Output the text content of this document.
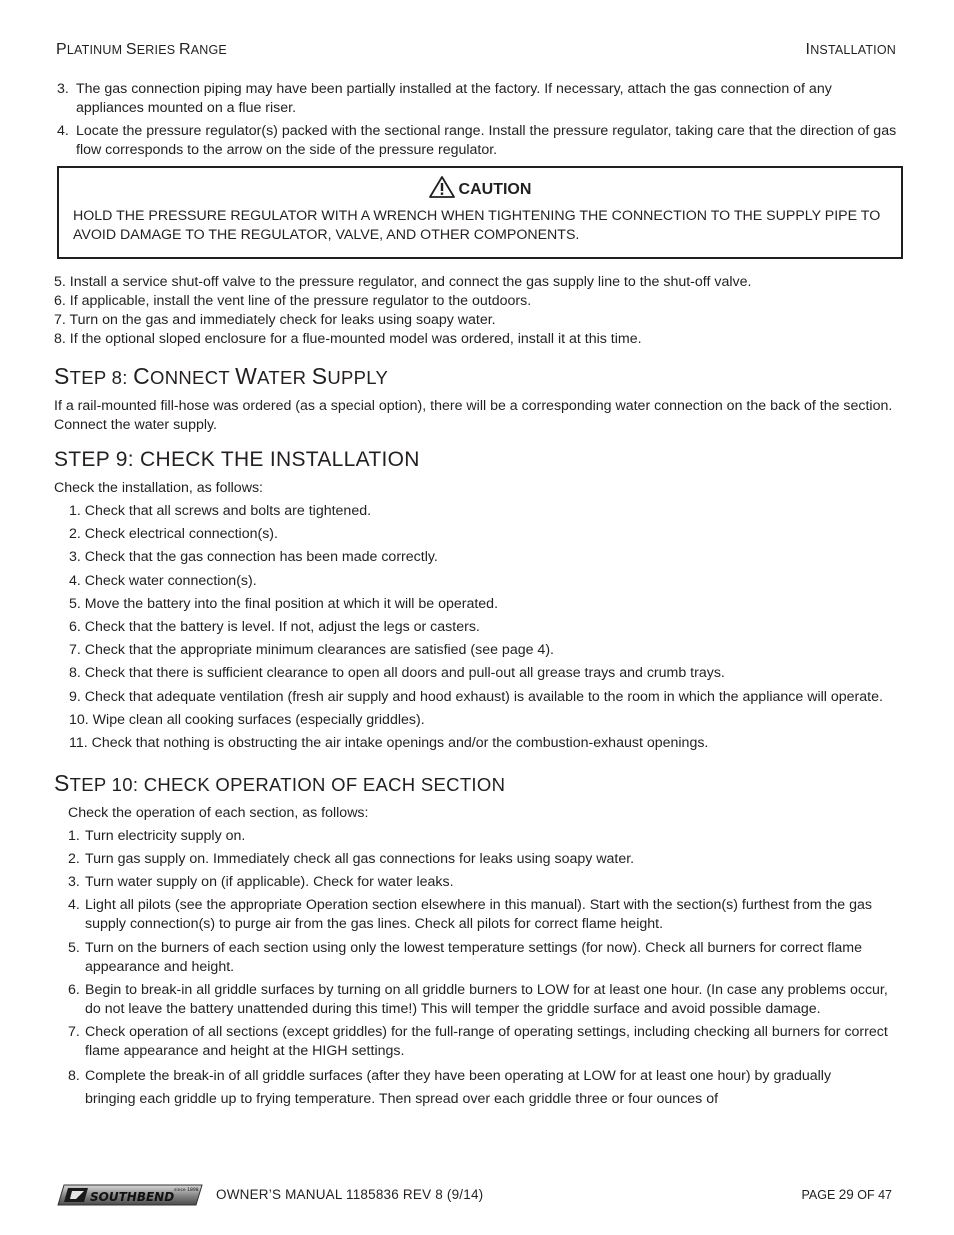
PLATINUM SERIES RANGE	INSTALLATION
3. The gas connection piping may have been partially installed at the factory. If necessary, attach the gas connection of any appliances mounted on a flue riser.
4. Locate the pressure regulator(s) packed with the sectional range. Install the pressure regulator, taking care that the direction of gas flow corresponds to the arrow on the side of the pressure regulator.
CAUTION
HOLD THE PRESSURE REGULATOR WITH A WRENCH WHEN TIGHTENING THE CONNECTION TO THE SUPPLY PIPE TO AVOID DAMAGE TO THE REGULATOR, VALVE, AND OTHER COMPONENTS.

5. Install a service shut-off valve to the pressure regulator, and connect the gas supply line to the shut-off valve.

6. If applicable, install the vent line of the pressure regulator to the outdoors.

7. Turn on the gas and immediately check for leaks using soapy water.

8. If the optional sloped enclosure for a flue-mounted model was ordered, install it at this time.

STEP 8: CONNECT WATER SUPPLY

If a rail-mounted fill-hose was ordered (as a special option), there will be a corresponding water connection on the back of the section. Connect the water supply.

STEP 9: CHECK THE INSTALLATION

Check the installation, as follows:

1. Check that all screws and bolts are tightened.

2. Check electrical connection(s).

3. Check that the gas connection has been made correctly.

4. Check water connection(s).

5. Move the battery into the final position at which it will be operated.

6. Check that the battery is level. If not, adjust the legs or casters.

7. Check that the appropriate minimum clearances are satisfied (see page 4).

8. Check that there is sufficient clearance to open all doors and pull-out all grease trays and crumb trays.

9. Check that adequate ventilation (fresh air supply and hood exhaust) is available to the room in which the appliance will operate.

10. Wipe clean all cooking surfaces (especially griddles).

11. Check that nothing is obstructing the air intake openings and/or the combustion-exhaust openings.

STEP 10: CHECK OPERATION OF EACH SECTION

Check the operation of each section, as follows:

1. Turn electricity supply on.
2. Turn gas supply on. Immediately check all gas connections for leaks using soapy water.
3. Turn water supply on (if applicable). Check for water leaks.
4. Light all pilots (see the appropriate Operation section elsewhere in this manual). Start with the section(s) furthest from the gas supply connection(s) to purge air from the gas lines. Check all pilots for correct flame height.
5. Turn on the burners of each section using only the lowest temperature settings (for now). Check all burners for correct flame appearance and height.
6. Begin to break-in all griddle surfaces by turning on all griddle burners to LOW for at least one hour. (In case any problems occur, do not leave the battery unattended during this time!) This will temper the griddle surface and avoid possible damage.
7. Check operation of all sections (except griddles) for the full-range of operating settings, including checking all burners for correct flame appearance and height at the HIGH settings.
8. Complete the break-in of all griddle surfaces (after they have been operating at LOW for at least one hour) by gradually bringing each griddle up to frying temperature. Then spread over each griddle three or four ounces of
SOUTHBEND since 1898 OWNER’S MANUAL 1185836 REV 8 (9/14)	PAGE 29 OF 47
